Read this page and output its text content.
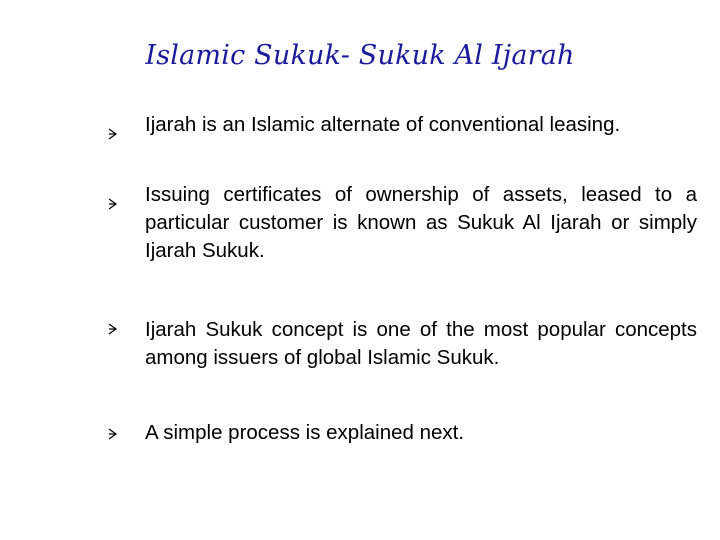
Islamic Sukuk- Sukuk Al Ijarah
Ijarah is an Islamic alternate of conventional leasing.
Issuing certificates of ownership of assets, leased to a particular customer is known as Sukuk Al Ijarah or simply Ijarah Sukuk.
Ijarah Sukuk concept is one of the most popular concepts among issuers of global Islamic Sukuk.
A simple process is explained next.
